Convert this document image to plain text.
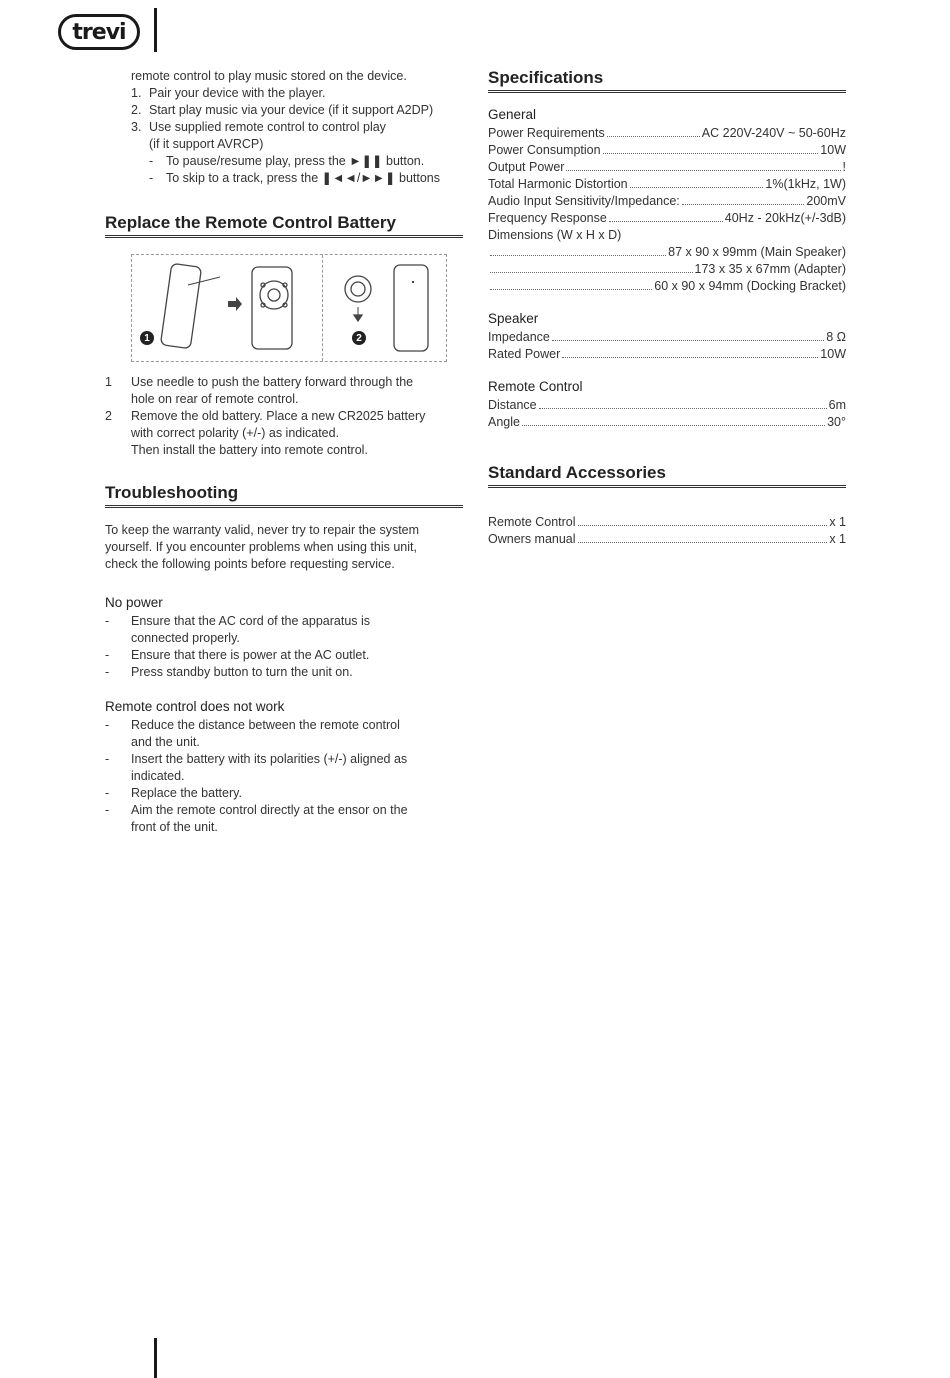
trevi
remote control to play music stored on the device.
1. Pair your device with the player.
2. Start play music via your device (if it support A2DP)
3. Use supplied remote control to control play
(if it support AVRCP)
-	To pause/resume play, press the ►❚❚ button.
-	To skip to a track, press the ❚◄◄/►►❚ buttons
Replace the Remote Control Battery
1	2
1	Use needle to push the battery forward through the
hole on rear of remote control.
2	Remove the old battery. Place a new CR2025 battery
with correct polarity (+/-) as indicated.
Then install the battery into remote control.
Troubleshooting
To keep the warranty valid, never try to repair the system
yourself. If you encounter problems when using this unit,
check the following points before requesting service.
No power
-	Ensure that the AC cord of the apparatus is
connected properly.
-	Ensure that there is power at the AC outlet.
-	Press standby button to turn the unit on.
Remote control does not work
-	Reduce the distance between the remote control
and the unit.
-	Insert the battery with its polarities (+/-) aligned as
indicated.
-	Replace the battery.
-	Aim the remote control directly at the ensor on the
front of the unit.
Specifications
General
Power Requirements	AC 220V-240V ~ 50-60Hz
Power Consumption	10W
Output Power	!
Total Harmonic Distortion	1%(1kHz, 1W)
Audio Input Sensitivity/Impedance:	200mV
Frequency Response	40Hz - 20kHz(+/-3dB)
Dimensions (W x H x D)
87 x 90 x 99mm (Main Speaker)
173 x 35 x 67mm (Adapter)
60 x 90 x 94mm (Docking Bracket)
Speaker
Impedance	8 Ω
Rated Power	10W
Remote Control
Distance	6m
Angle	30°
Standard Accessories
Remote Control	x 1
Owners manual	x 1
